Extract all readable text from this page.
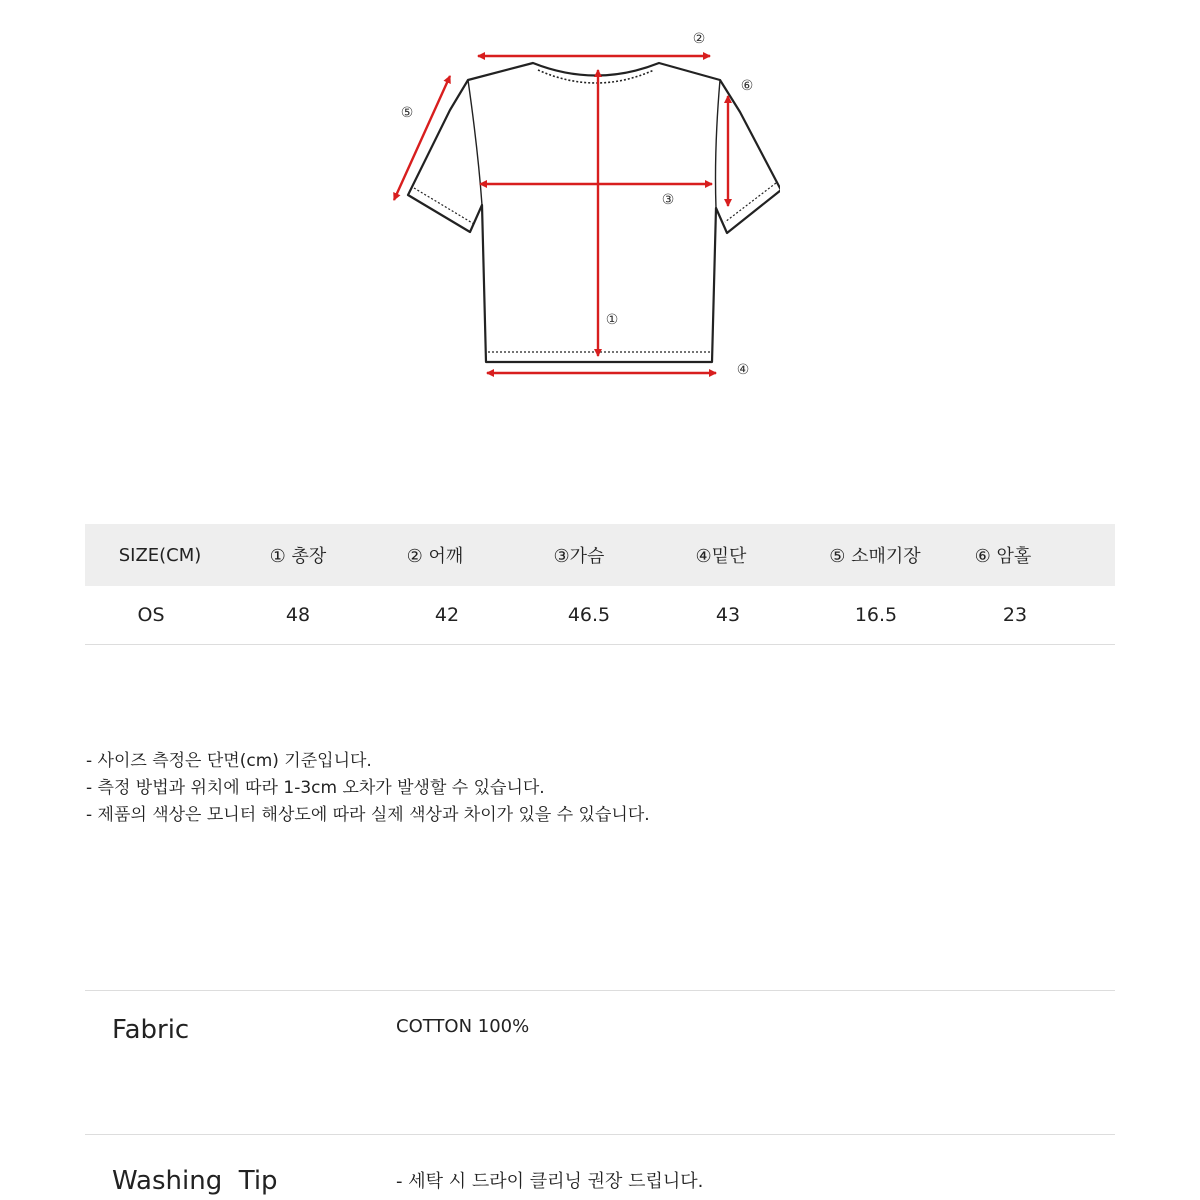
①
②
③
④
⑤
⑥
SIZE(CM)	① 총장	② 어깨	③가슴	④밑단	⑤ 소매기장	⑥ 암홀
OS	48	42	46.5	43	16.5	23
- 사이즈 측정은 단면(cm) 기준입니다.
- 측정 방법과 위치에 따라 1-3cm 오차가 발생할 수 있습니다.
- 제품의 색상은 모니터 해상도에 따라 실제 색상과 차이가 있을 수 있습니다.
Fabric	COTTON 100%
Washing  Tip	- 세탁 시 드라이 클리닝 권장 드립니다.
